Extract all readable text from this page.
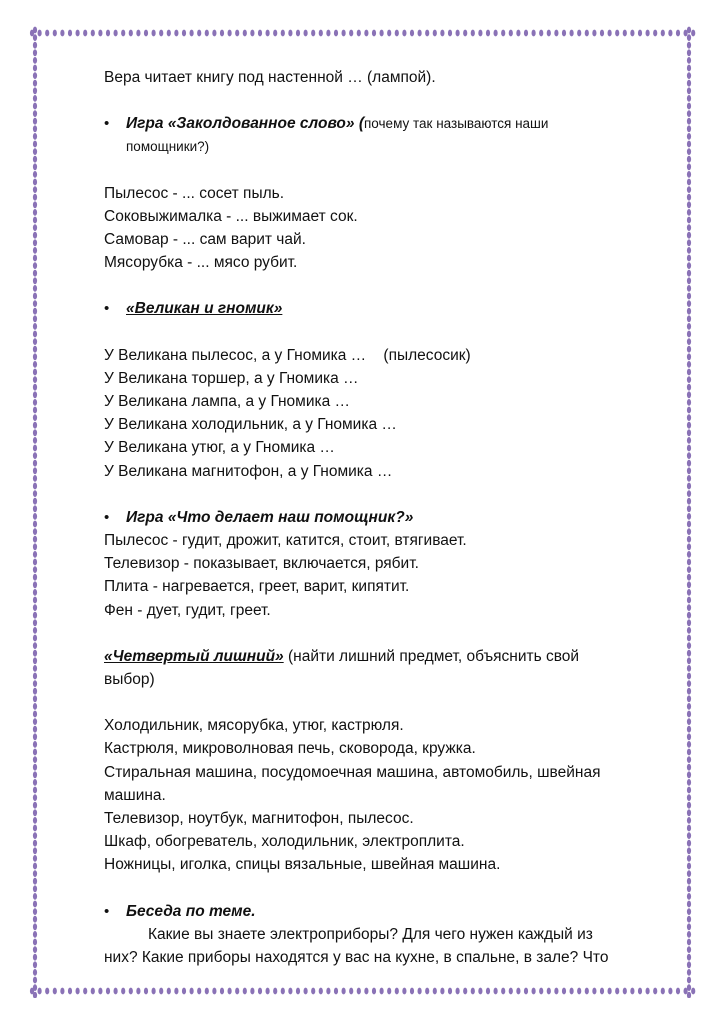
Вера читает книгу под настенной … (лампой).
• Игра «Заколдованное слово» (почему так называются наши
помощники?)
Пылесос - ... сосет пыль.
Соковыжималка - ... выжимает сок.
Самовар - ... сам варит чай.
Мясорубка - ... мясо рубит.
• «Великан и гномик»
У Великана пылесос, а у Гномика …    (пылесосик)
У Великана торшер, а у Гномика …
У Великана лампа, а у Гномика …
У Великана холодильник, а у Гномика …
У Великана утюг, а у Гномика …
У Великана магнитофон, а у Гномика …
• Игра «Что делает наш помощник?»
Пылесос - гудит, дрожит, катится, стоит, втягивает.
Телевизор - показывает, включается, рябит.
Плита - нагревается, греет, варит, кипятит.
Фен - дует, гудит, греет.
«Четвертый лишний» (найти лишний предмет, объяснить свой
выбор)
Холодильник, мясорубка, утюг, кастрюля.
Кастрюля, микроволновая печь, сковорода, кружка.
Стиральная машина, посудомоечная машина, автомобиль, швейная
машина.
Телевизор, ноутбук, магнитофон, пылесос.
Шкаф, обогреватель, холодильник, электроплита.
Ножницы, иголка, спицы вязальные, швейная машина.
• Беседа по теме.
Какие вы знаете электроприборы? Для чего нужен каждый из
них? Какие приборы находятся у вас на кухне, в спальне, в зале? Что
